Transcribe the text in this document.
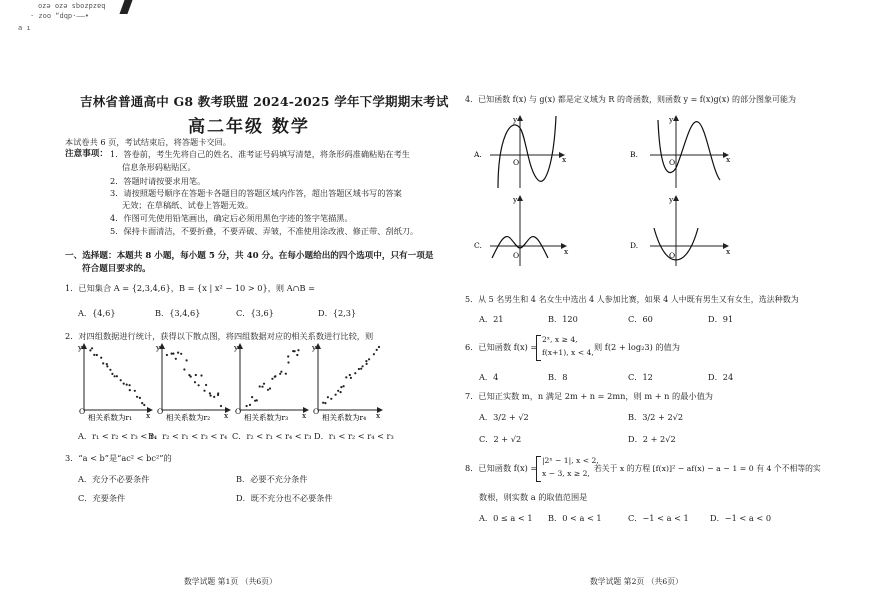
bazdzoqs ezo ezo
· zoo “dqp·——•
a ı
吉林省普通高中 G8 教考联盟 2024-2025 学年下学期期末考试
高二年级 数学
本试卷共 6 页，考试结束后，将答题卡交回。
注意事项： 1．答卷前，考生先将自己的姓名、准考证号码填写清楚，将条形码准确粘贴在考生
信息条形码粘贴区。
2．答题时请按要求用笔。
3．请按照题号顺序在答题卡各题目的答题区域内作答，超出答题区域书写的答案
无效；在草稿纸、试卷上答题无效。
4．作图可先使用铅笔画出，确定后必须用黑色字迹的签字笔描黑。
5．保持卡面清洁，不要折叠，不要弄破、弄皱，不准使用涂改液、修正带、刮纸刀。
一、选择题：本题共 8 小题，每小题 5 分，共 40 分。在每小题给出的四个选项中，只有一项是
符合题目要求的。
1．已知集合 A = {2,3,4,6}，B = {x | x² − 10 > 0}，则 A∩B =
A．{4,6}	B．{3,4,6}	C．{3,6}	D．{2,3}
2．对四组数据进行统计，获得以下散点图，将四组数据对应的相关系数进行比较，则
O
y
x
相关系数为r₁
O
y
x
相关系数为r₂
O
y
x
相关系数为r₃
O
y
x
相关系数为r₄
A．r₁ < r₂ < r₃ < r₄
B．r₂ < r₁ < r₃ < r₄ C．r₂ < r₁ < r₄ < r₃ D．r₁ < r₂ < r₄ < r₃
3．“a < b”是“ac² < bc²”的
A．充分不必要条件	B．必要不充分条件
C．充要条件	D．既不充分也不必要条件
数学试题 第1页 （共6页）
4．已知函数 f(x) 与 g(x) 都是定义域为 R 的奇函数，则函数 y = f(x)g(x) 的部分图象可能为
A.
O
y
x
B.
O
y
x
C.
O
y
x
D.
O
y
x
5．从 5 名男生和 4 名女生中选出 4 人参加比赛，如果 4 人中既有男生又有女生，选法种数为
A．21	B．120	C．60	D．91
6．已知函数 f(x) =
2ˣ, x ≥ 4,
f(x+1), x < 4,
则 f(2 + log₂3) 的值为
A．4	B．8	C．12	D．24
7．已知正实数 m，n 满足 2m + n = 2mn，则 m + n 的最小值为
A．3/2 + √2	B．3/2 + 2√2
C．2 + √2	D．2 + 2√2
8．已知函数 f(x) =
|2ˣ − 1|, x < 2,
x − 3, x ≥ 2,
若关于 x 的方程 [f(x)]² − af(x) − a − 1 = 0 有 4 个不相等的实
数根，则实数 a 的取值范围是
A．0 ≤ a < 1 B．0 < a < 1	C．−1 < a < 1	D．−1 < a < 0
数学试题 第2页 （共6页）
